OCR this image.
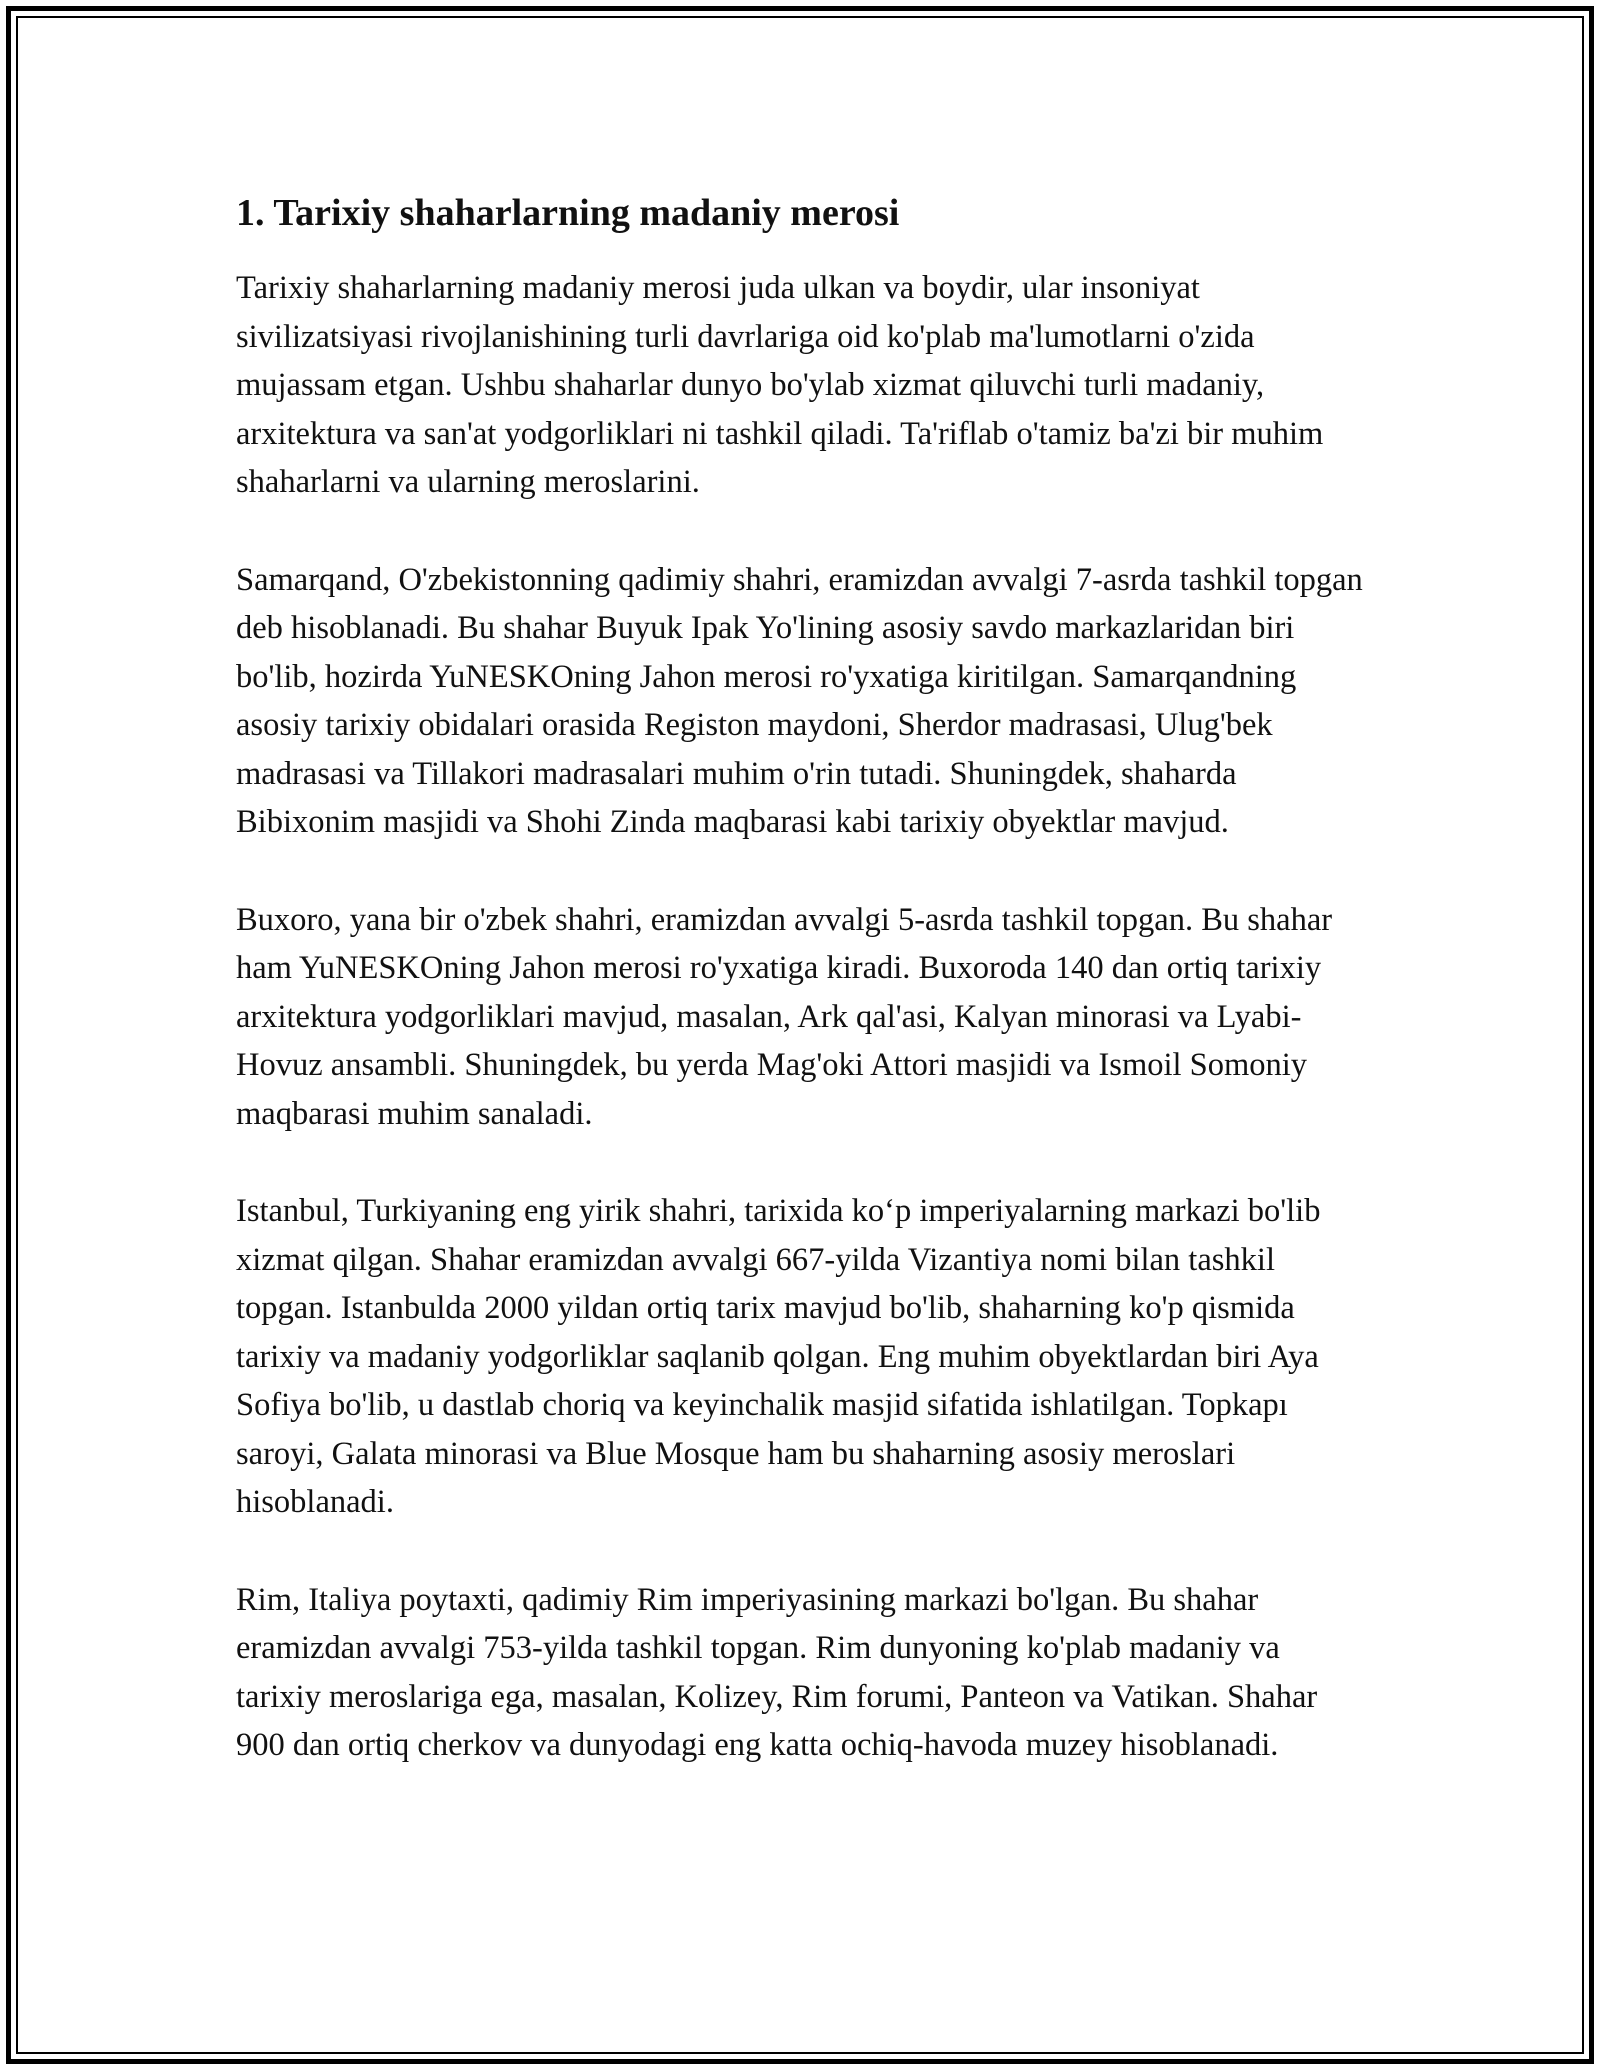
1. Tarixiy shaharlarning madaniy merosi

Tarixiy shaharlarning madaniy merosi juda ulkan va boydir, ular insoniyat sivilizatsiyasi rivojlanishining turli davrlariga oid ko'plab ma'lumotlarni o'zida mujassam etgan. Ushbu shaharlar dunyo bo'ylab xizmat qiluvchi turli madaniy, arxitektura va san'at yodgorliklari ni tashkil qiladi. Ta'riflab o'tamiz ba'zi bir muhim shaharlarni va ularning meroslarini.

Samarqand, O'zbekistonning qadimiy shahri, eramizdan avvalgi 7-asrda tashkil topgan deb hisoblanadi. Bu shahar Buyuk Ipak Yo'lining asosiy savdo markazlaridan biri bo'lib, hozirda YuNESKOning Jahon merosi ro'yxatiga kiritilgan. Samarqandning asosiy tarixiy obidalari orasida Registon maydoni, Sherdor madrasasi, Ulug'bek madrasasi va Tillakori madrasalari muhim o'rin tutadi. Shuningdek, shaharda Bibixonim masjidi va Shohi Zinda maqbarasi kabi tarixiy obyektlar mavjud.

Buxoro, yana bir o'zbek shahri, eramizdan avvalgi 5-asrda tashkil topgan. Bu shahar ham YuNESKOning Jahon merosi ro'yxatiga kiradi. Buxoroda 140 dan ortiq tarixiy arxitektura yodgorliklari mavjud, masalan, Ark qal'asi, Kalyan minorasi va Lyabi-Hovuz ansambli. Shuningdek, bu yerda Mag'oki Attori masjidi va Ismoil Somoniy maqbarasi muhim sanaladi.

Istanbul, Turkiyaning eng yirik shahri, tarixida ko‘p imperiyalarning markazi bo'lib xizmat qilgan. Shahar eramizdan avvalgi 667-yilda Vizantiya nomi bilan tashkil topgan. Istanbulda 2000 yildan ortiq tarix mavjud bo'lib, shaharning ko'p qismida tarixiy va madaniy yodgorliklar saqlanib qolgan. Eng muhim obyektlardan biri Aya Sofiya bo'lib, u dastlab choriq va keyinchalik masjid sifatida ishlatilgan. Topkapı saroyi, Galata minorasi va Blue Mosque ham bu shaharning asosiy meroslari hisoblanadi.

Rim, Italiya poytaxti, qadimiy Rim imperiyasining markazi bo'lgan. Bu shahar eramizdan avvalgi 753-yilda tashkil topgan. Rim dunyoning ko'plab madaniy va tarixiy meroslariga ega, masalan, Kolizey, Rim forumi, Panteon va Vatikan. Shahar 900 dan ortiq cherkov va dunyodagi eng katta ochiq-havoda muzey hisoblanadi.
